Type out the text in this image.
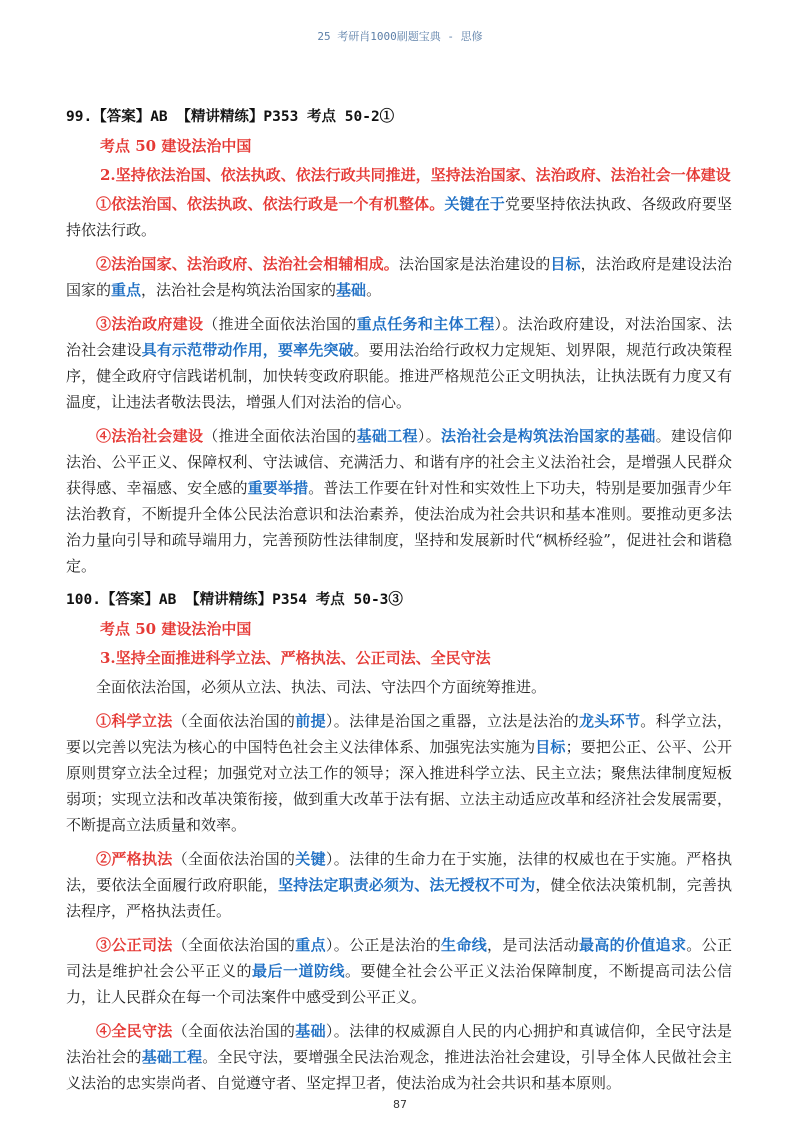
25 考研肖1000刷题宝典 - 思修

99.【答案】AB 【精讲精练】P353 考点 50-2①

考点 50 建设法治中国

2.坚持依法治国、依法执政、依法行政共同推进，坚持法治国家、法治政府、法治社会一体建设

①依法治国、依法执政、依法行政是一个有机整体。关键在于党要坚持依法执政、各级政府要坚持依法行政。

②法治国家、法治政府、法治社会相辅相成。法治国家是法治建设的目标，法治政府是建设法治国家的重点，法治社会是构筑法治国家的基础。

③法治政府建设（推进全面依法治国的重点任务和主体工程）。法治政府建设，对法治国家、法治社会建设具有示范带动作用，要率先突破。要用法治给行政权力定规矩、划界限，规范行政决策程序，健全政府守信践诺机制，加快转变政府职能。推进严格规范公正文明执法，让执法既有力度又有温度，让违法者敬法畏法，增强人们对法治的信心。

④法治社会建设（推进全面依法治国的基础工程）。法治社会是构筑法治国家的基础。建设信仰法治、公平正义、保障权利、守法诚信、充满活力、和谐有序的社会主义法治社会，是增强人民群众获得感、幸福感、安全感的重要举措。普法工作要在针对性和实效性上下功夫，特别是要加强青少年法治教育，不断提升全体公民法治意识和法治素养，使法治成为社会共识和基本准则。要推动更多法治力量向引导和疏导端用力，完善预防性法律制度，坚持和发展新时代“枫桥经验”，促进社会和谐稳定。

100.【答案】AB 【精讲精练】P354 考点 50-3③

考点 50 建设法治中国

3.坚持全面推进科学立法、严格执法、公正司法、全民守法

全面依法治国，必须从立法、执法、司法、守法四个方面统筹推进。

①科学立法（全面依法治国的前提）。法律是治国之重器，立法是法治的龙头环节。科学立法，要以完善以宪法为核心的中国特色社会主义法律体系、加强宪法实施为目标；要把公正、公平、公开原则贯穿立法全过程；加强党对立法工作的领导；深入推进科学立法、民主立法；聚焦法律制度短板弱项；实现立法和改革决策衔接，做到重大改革于法有据、立法主动适应改革和经济社会发展需要，不断提高立法质量和效率。

②严格执法（全面依法治国的关键）。法律的生命力在于实施，法律的权威也在于实施。严格执法，要依法全面履行政府职能，坚持法定职责必须为、法无授权不可为，健全依法决策机制，完善执法程序，严格执法责任。

③公正司法（全面依法治国的重点）。公正是法治的生命线，是司法活动最高的价值追求。公正司法是维护社会公平正义的最后一道防线。要健全社会公平正义法治保障制度，不断提高司法公信力，让人民群众在每一个司法案件中感受到公平正义。

④全民守法（全面依法治国的基础）。法律的权威源自人民的内心拥护和真诚信仰，全民守法是法治社会的基础工程。全民守法，要增强全民法治观念，推进法治社会建设，引导全体人民做社会主义法治的忠实崇尚者、自觉遵守者、坚定捍卫者，使法治成为社会共识和基本原则。

87
